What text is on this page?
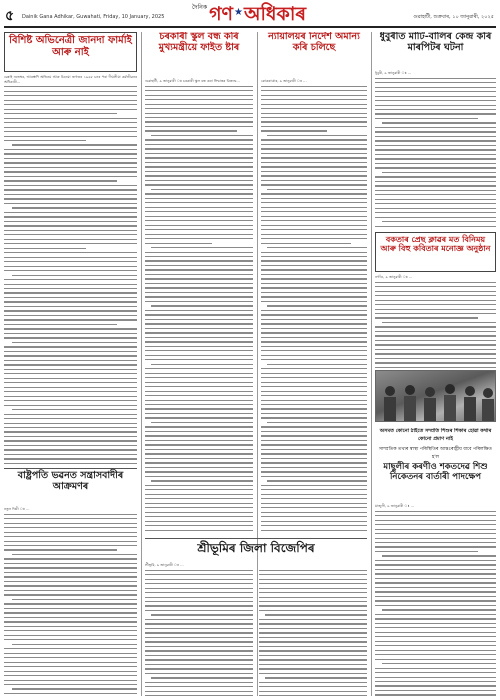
৫ Dainik Gana Adhikar, Guwahati, Friday, 10 January, 2025
দৈনিক গণ ★ অধিকাৰ	গুৱাহাটী, শুক্ৰবাৰ, ১০ জানুৱাৰী, ২০২৫
বিশিষ্ট অভিনেত্ৰী জানদা ফাৰ্মাই আৰু নাই
চেন্নাই নভেম্বৰ, আৰম্ভণি অভিনয় আৰু চিনেমা জগতৰ ১৯৬৮ চনৰ পৰা দীঘলীয়া কৰ্মজীৱনৰ অধিকাৰী...
বাষ্ট্ৰপতি ভৱনত সন্ত্ৰাসবাদীৰ আক্ৰমণৰ
নতুন দিল্লী ঃ ...
চৰকাৰী স্কুল বন্ধ কৰি মুখ্যমন্ত্ৰীয়ে ফাইত ষ্টাৰ
গুৱাহাটী, ৯ জানুৱাৰী ঃ চৰকাৰী স্কুল বন্ধ কৰা সিদ্ধান্তৰ বিৰুদ্ধে...
ন্যায়ালয়ৰ নিৰ্দেশ অমান্য কৰি চলিছে
কোকৰাঝাৰ, ৯ জানুৱাৰী ঃ ...
শ্ৰীভূমিৰ জিলা বিজেপিৰ
শ্ৰীভূমি, ৯ জানুৱাৰী ঃ ...
ধুবুৰীত মাটি-বালিৰ কেন্দ্ৰ কৰি মাৰপিটৰ ঘটনা
ধুবুৰী, ৯ জানুৱাৰী ঃ ...
বকতাৰ প্ৰেছ ক্লাৱৰ মত বিনিময় আৰু বিহু কবিতাৰ মনোজ্ঞ অনুষ্ঠান
নগাঁও, ৯ জানুৱাৰী ঃ ...
অসমত কোনো ঠাইতে সম্প্ৰতি শিশুৰ শিকাৰ হোৱা কথাৰ কোনো প্ৰমাণ নাই
সাম্প্ৰতিক তথ্যৰ স্বাস্থ্য পৰিস্থিতিৰ আন্তঃৰাষ্ট্ৰীয় বাবে পৰিলক্ষিত হ'ল
মাছুলীৰ কৰণীও শকতদেৱ শিশু নিকেতনৰ বাৰ্তাৰী পাদক্ষেপ
মাজুলী, ৯ জানুৱাৰী ঃ ...
